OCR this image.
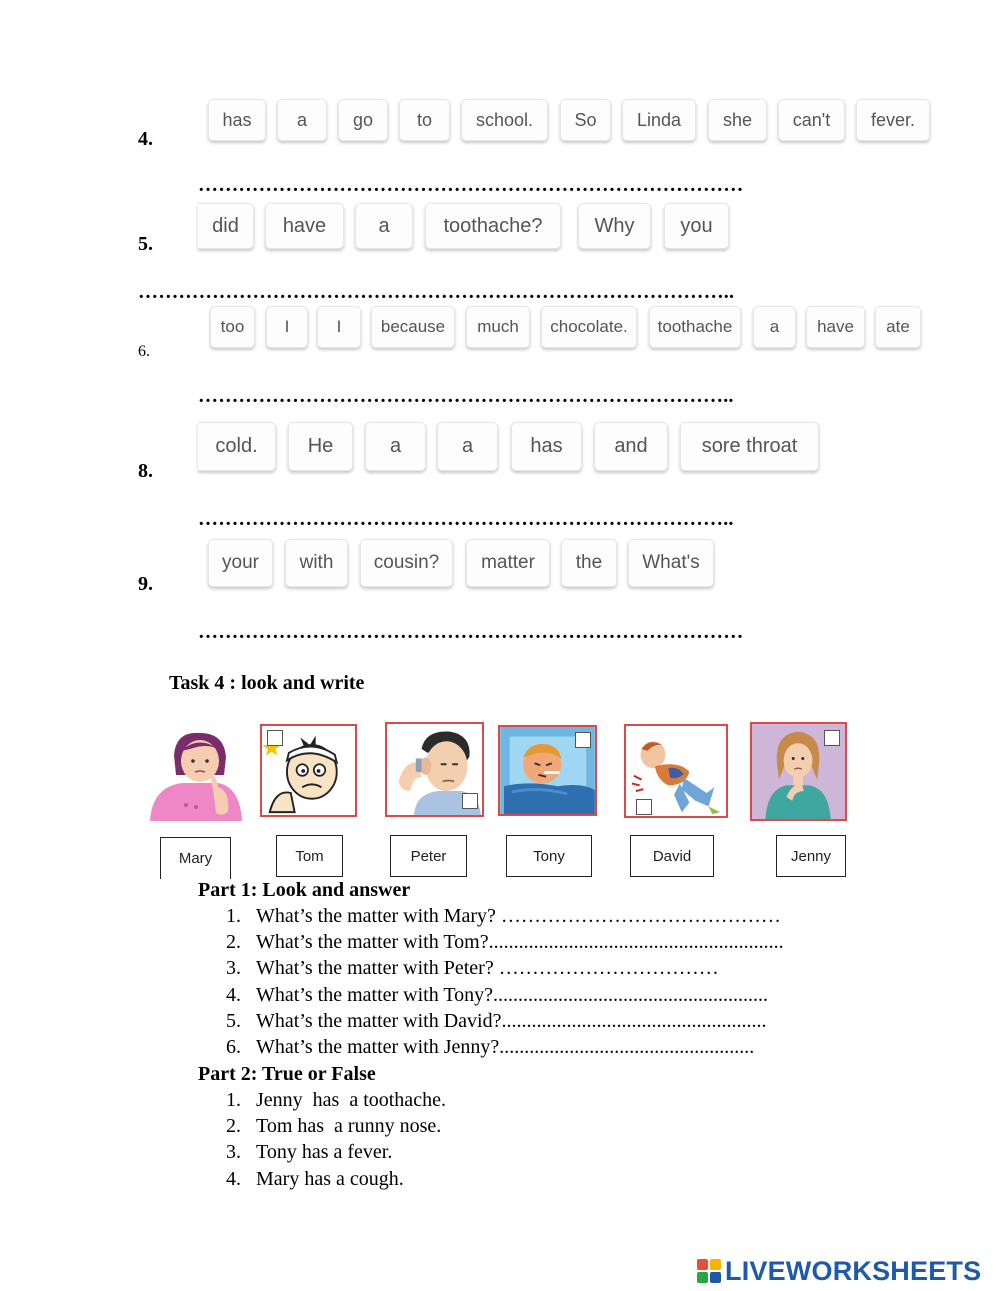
4.
has	a	go	to	school.	So	Linda	she	can't	fever.
………………………………………………………………………
5.
did	have	a	toothache?	Why	you
……………………………………………………………………………..
6.
too	I	I	because	much	chocolate.	toothache	a	have	ate
……………………………………………………………………..
8.
cold.	He	a	a	has	and	sore throat
……………………………………………………………………..
9.
your	with	cousin?	matter	the	What's
………………………………………………………………………
Task 4 : look and write
Mary	Tom	Peter	Tony	David	Jenny
Part 1: Look and answer
1. What’s the matter with Mary? ……………………………………
2. What’s the matter with Tom?...........................................................
3. What’s the matter with Peter? ……………………………
4. What’s the matter with Tony?.......................................................
5. What’s the matter with David?.....................................................
6. What’s the matter with Jenny?...................................................
Part 2: True or False
1. Jenny  has  a toothache.
2. Tom has  a runny nose.
3. Tony has a fever.
4. Mary has a cough.
LIVEWORKSHEETS
